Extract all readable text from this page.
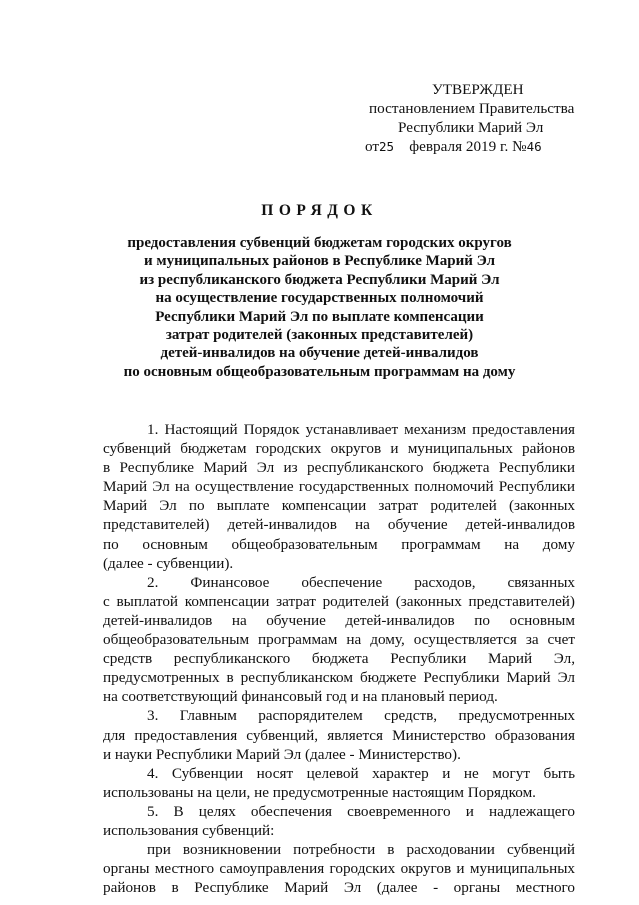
УТВЕРЖДЕН
постановлением Правительства
Республики Марий Эл
от25 февраля 2019 г. №46
ПОРЯДОК
предоставления субвенций бюджетам городских округов
и муниципальных районов в Республике Марий Эл
из республиканского бюджета Республики Марий Эл
на осуществление государственных полномочий
Республики Марий Эл по выплате компенсации
затрат родителей (законных представителей)
детей-инвалидов на обучение детей-инвалидов
по основным общеобразовательным программам на дому
1. Настоящий Порядок устанавливает механизм предоставления
субвенций бюджетам городских округов и муниципальных районов
в Республике Марий Эл из республиканского бюджета Республики
Марий Эл на осуществление государственных полномочий Республики
Марий Эл по выплате компенсации затрат родителей (законных
представителей) детей-инвалидов на обучение детей-инвалидов
по основным общеобразовательным программам на дому
(далее - субвенции).
2. Финансовое обеспечение расходов, связанных
с выплатой компенсации затрат родителей (законных представителей)
детей-инвалидов на обучение детей-инвалидов по основным
общеобразовательным программам на дому, осуществляется за счет
средств республиканского бюджета Республики Марий Эл,
предусмотренных в республиканском бюджете Республики Марий Эл
на соответствующий финансовый год и на плановый период.
3. Главным распорядителем средств, предусмотренных
для предоставления субвенций, является Министерство образования
и науки Республики Марий Эл (далее - Министерство).
4. Субвенции носят целевой характер и не могут быть
использованы на цели, не предусмотренные настоящим Порядком.
5. В целях обеспечения своевременного и надлежащего
использования субвенций:
при возникновении потребности в расходовании субвенций
органы местного самоуправления городских округов и муниципальных
районов в Республике Марий Эл (далее - органы местного
